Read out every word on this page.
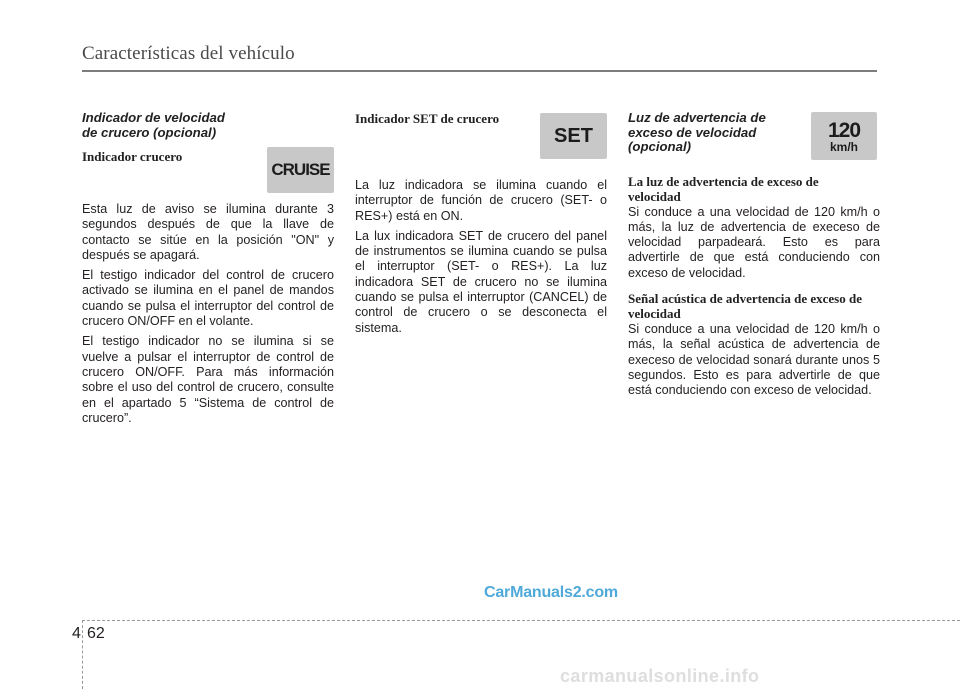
Características del vehículo

Indicador de velocidad
de crucero (opcional)

Indicador crucero

Esta luz de aviso se ilumina durante 3 segundos después de que la llave de contacto se sitúe en la posición "ON" y después se apagará.

El testigo indicador del control de crucero activado se ilumina en el panel de mandos cuando se pulsa el interruptor del control de crucero ON/OFF en el volante.

El testigo indicador no se ilumina si se vuelve a pulsar el interruptor de control de crucero ON/OFF. Para más información sobre el uso del control de crucero, consulte en el apartado 5 “Sistema de control de crucero”.

CRUISE

Indicador SET de crucero

La luz indicadora se ilumina cuando el interruptor de función de crucero (SET- o RES+) está en ON.

La lux indicadora SET de crucero del panel de instrumentos se ilumina cuando se pulsa el interruptor (SET- o RES+). La luz indicadora SET de crucero no se ilumina cuando se pulsa el interruptor (CANCEL) de control de crucero o se desconecta el sistema.

SET

Luz de advertencia de
exceso de velocidad
(opcional)

La luz de advertencia de exceso de velocidad

Si conduce a una velocidad de 120 km/h o más, la luz de advertencia de execeso de velocidad parpadeará. Esto es para advertirle de que está conduciendo con exceso de velocidad.

Señal acústica de advertencia de exceso de velocidad

Si conduce a una velocidad de 120 km/h o más, la señal acústica de advertencia de execeso de velocidad sonará durante unos 5 segundos. Esto es para advertirle de que está conduciendo con exceso de velocidad.

120
km/h
CarManuals2.com
4 62
carmanualsonline.info
